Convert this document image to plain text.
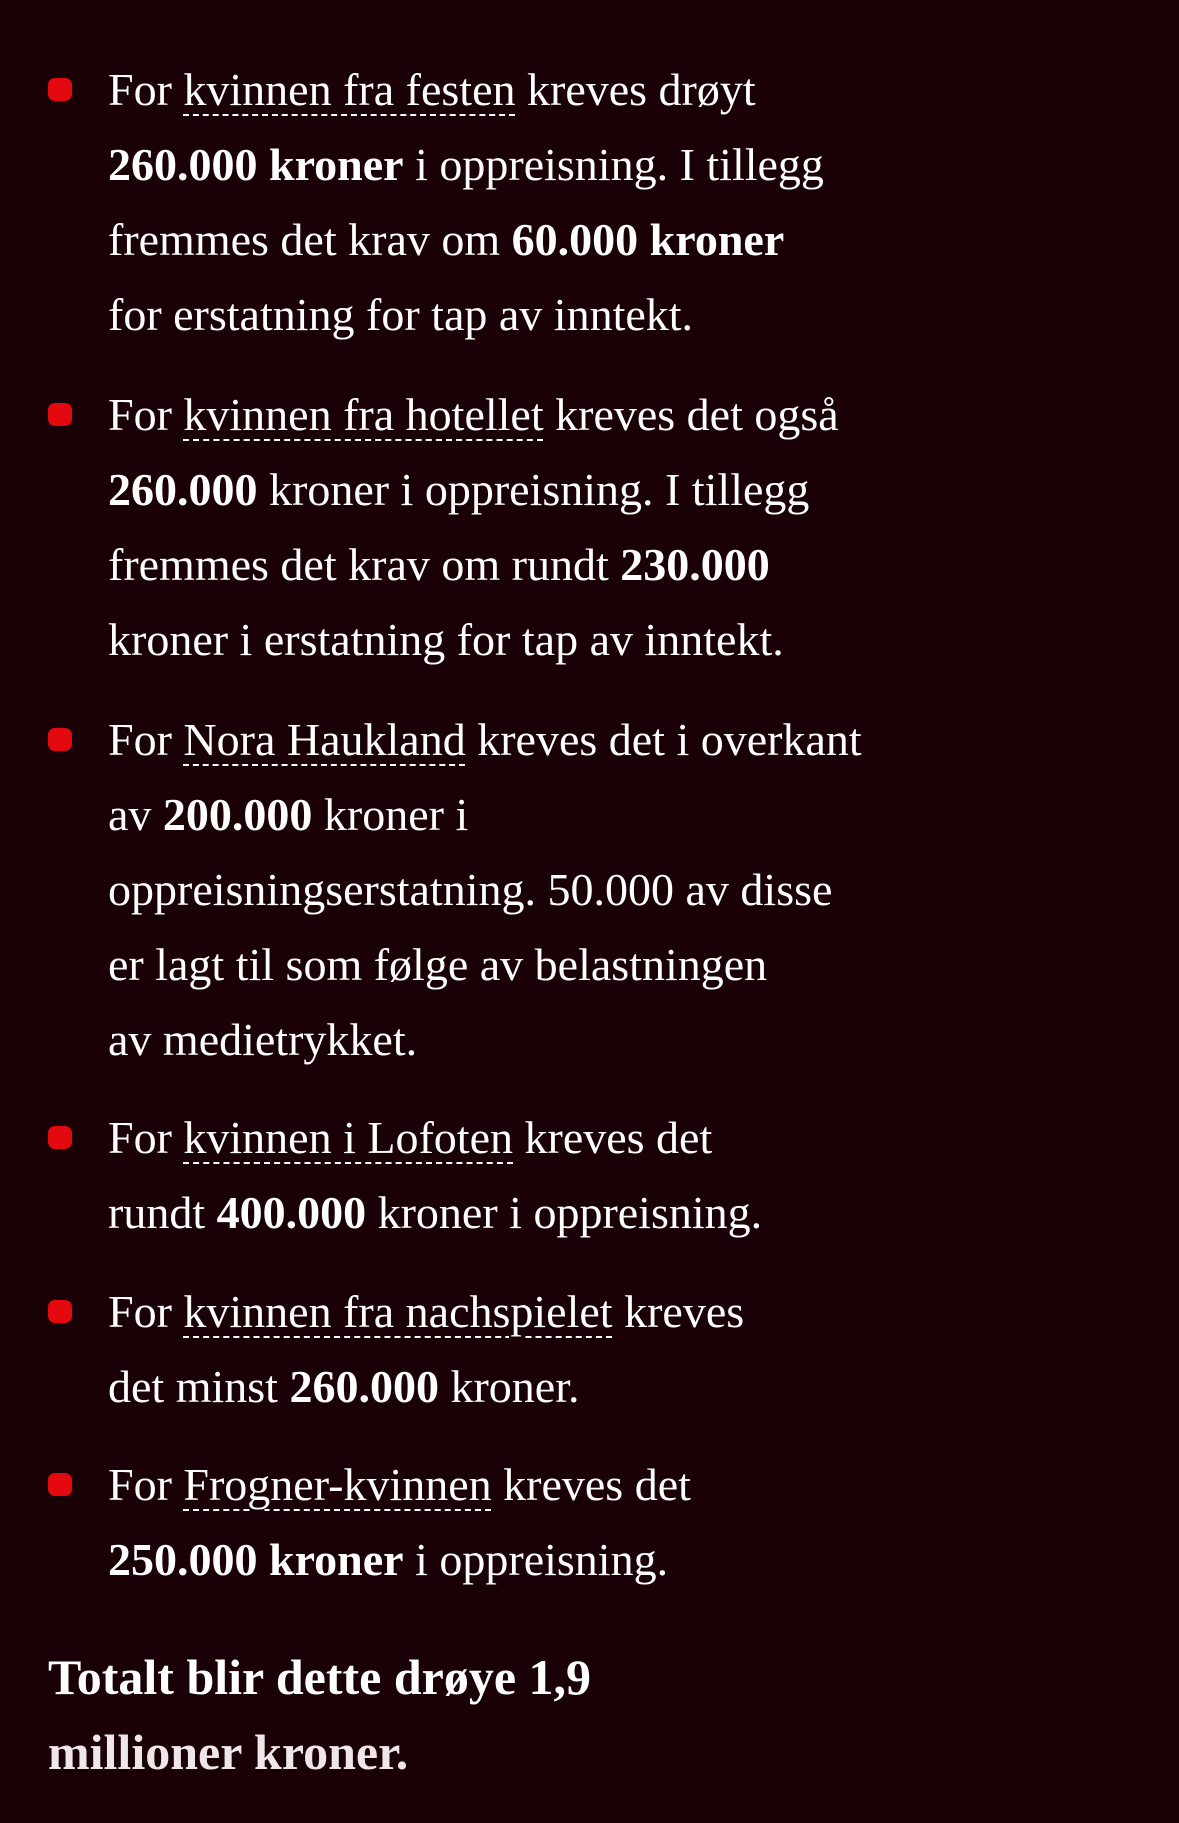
For kvinnen fra festen kreves drøyt
260.000 kroner i oppreisning. I tillegg
fremmes det krav om 60.000 kroner
for erstatning for tap av inntekt.
For kvinnen fra hotellet kreves det også
260.000 kroner i oppreisning. I tillegg
fremmes det krav om rundt 230.000
kroner i erstatning for tap av inntekt.
For Nora Haukland kreves det i overkant
av 200.000 kroner i
oppreisningserstatning. 50.000 av disse
er lagt til som følge av belastningen
av medietrykket.
For kvinnen i Lofoten kreves det
rundt 400.000 kroner i oppreisning.
For kvinnen fra nachspielet kreves
det minst 260.000 kroner.
For Frogner-kvinnen kreves det
250.000 kroner i oppreisning.
Totalt blir dette drøye 1,9
millioner kroner.
